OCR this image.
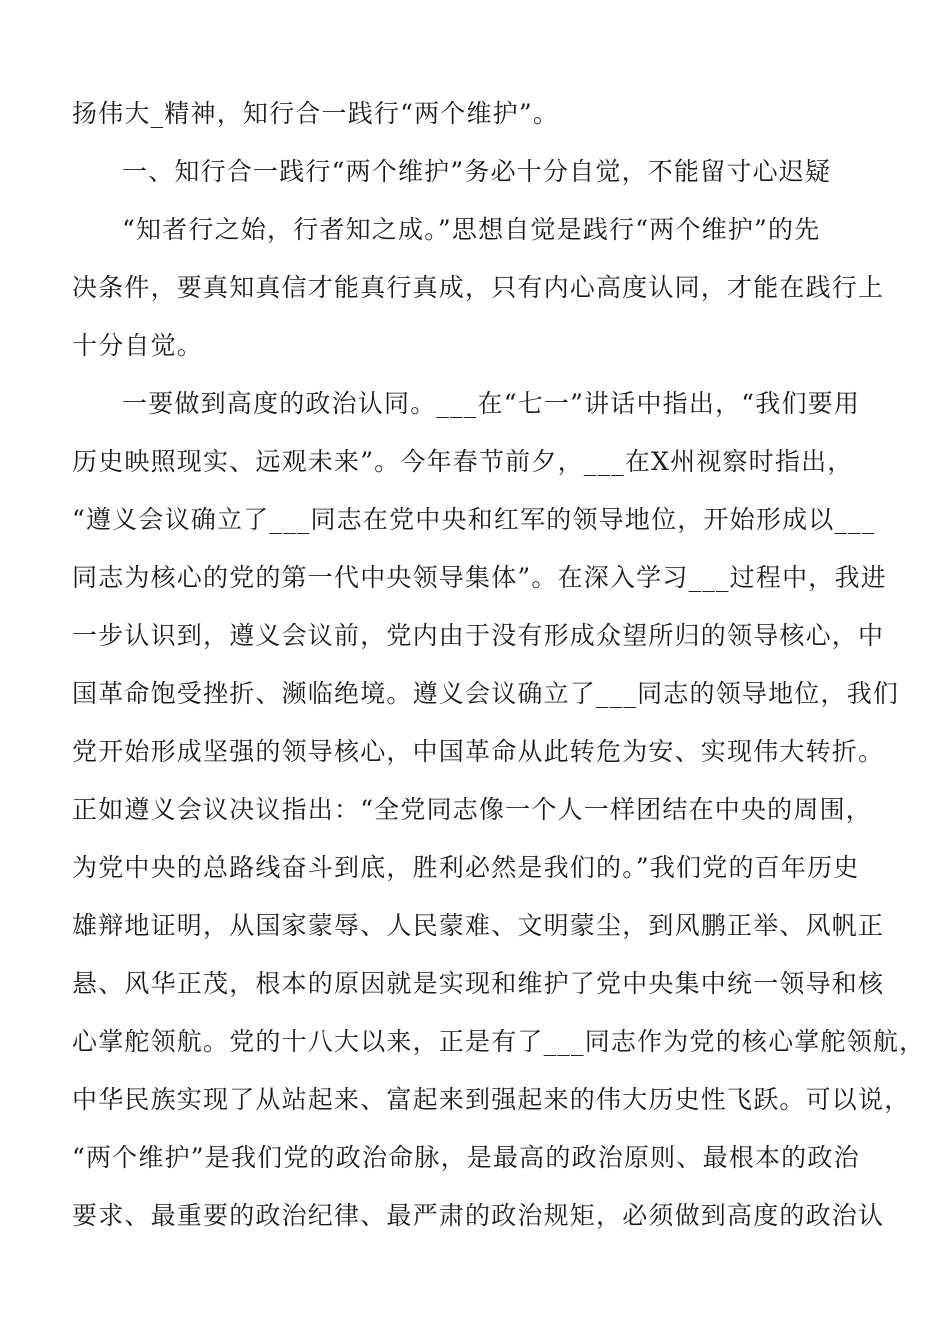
扬伟大_精神，知行合一践行“两个维护”。
一、知行合一践行“两个维护”务必十分自觉，不能留寸心迟疑
“知者行之始，行者知之成。”思想自觉是践行“两个维护”的先
决条件，要真知真信才能真行真成，只有内心高度认同，才能在践行上
十分自觉。
一要做到高度的政治认同。___在“七一”讲话中指出，“我们要用
历史映照现实、远观未来”。今年春节前夕，___在X州视察时指出，
“遵义会议确立了___同志在党中央和红军的领导地位，开始形成以___
同志为核心的党的第一代中央领导集体”。在深入学习___过程中，我进
一步认识到，遵义会议前，党内由于没有形成众望所归的领导核心，中
国革命饱受挫折、濒临绝境。遵义会议确立了___同志的领导地位，我们
党开始形成坚强的领导核心，中国革命从此转危为安、实现伟大转折。
正如遵义会议决议指出：“全党同志像一个人一样团结在中央的周围，
为党中央的总路线奋斗到底，胜利必然是我们的。”我们党的百年历史
雄辩地证明，从国家蒙辱、人民蒙难、文明蒙尘，到风鹏正举、风帆正
悬、风华正茂，根本的原因就是实现和维护了党中央集中统一领导和核
心掌舵领航。党的十八大以来，正是有了___同志作为党的核心掌舵领航，
中华民族实现了从站起来、富起来到强起来的伟大历史性飞跃。可以说，
“两个维护”是我们党的政治命脉，是最高的政治原则、最根本的政治
要求、最重要的政治纪律、最严肃的政治规矩，必须做到高度的政治认
